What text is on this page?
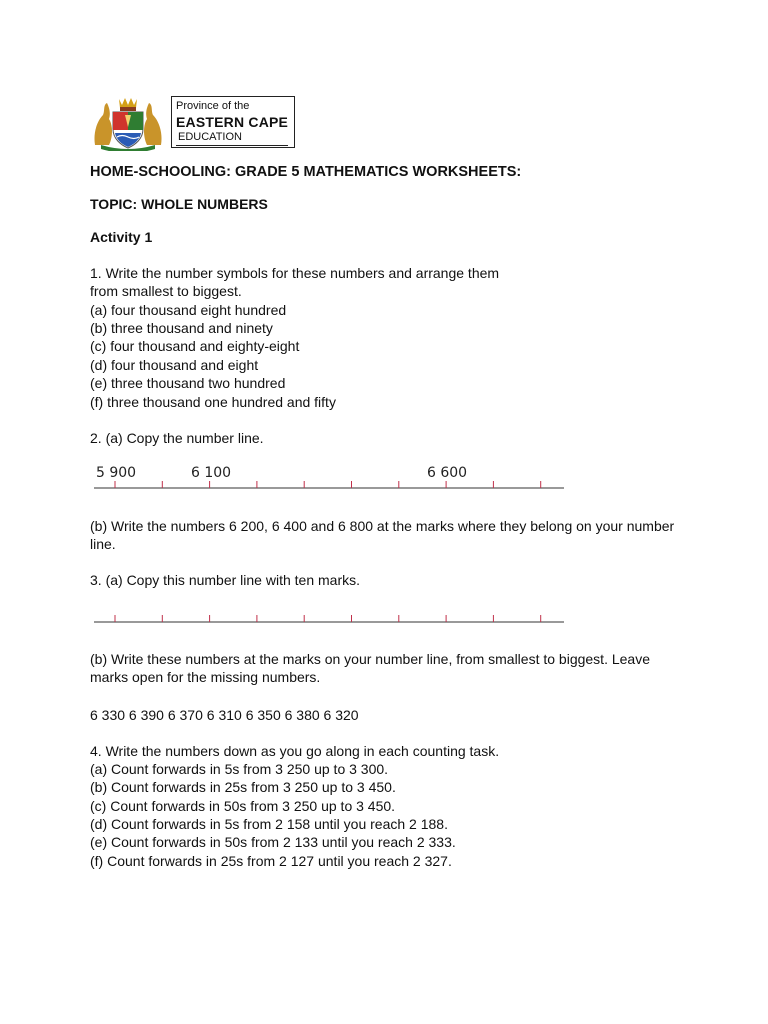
Province of the
EASTERN CAPE
EDUCATION
HOME-SCHOOLING: GRADE 5 MATHEMATICS WORKSHEETS:
TOPIC: WHOLE NUMBERS
Activity 1
1. Write the number symbols for these numbers and arrange them
from smallest to biggest.
(a) four thousand eight hundred
(b) three thousand and ninety
(c) four thousand and eighty-eight
(d) four thousand and eight
(e) three thousand two hundred
(f) three thousand one hundred and fifty
2. (a) Copy the number line.
5 900	6 100	6 600
(b) Write the numbers 6 200, 6 400 and 6 800 at the marks where they belong on your number line.
3. (a) Copy this number line with ten marks.
(b) Write these numbers at the marks on your number line, from smallest to biggest. Leave marks open for the missing numbers.
6 330 6 390 6 370 6 310 6 350 6 380 6 320
4. Write the numbers down as you go along in each counting task.
(a) Count forwards in 5s from 3 250 up to 3 300.
(b) Count forwards in 25s from 3 250 up to 3 450.
(c) Count forwards in 50s from 3 250 up to 3 450.
(d) Count forwards in 5s from 2 158 until you reach 2 188.
(e) Count forwards in 50s from 2 133 until you reach 2 333.
(f) Count forwards in 25s from 2 127 until you reach 2 327.
